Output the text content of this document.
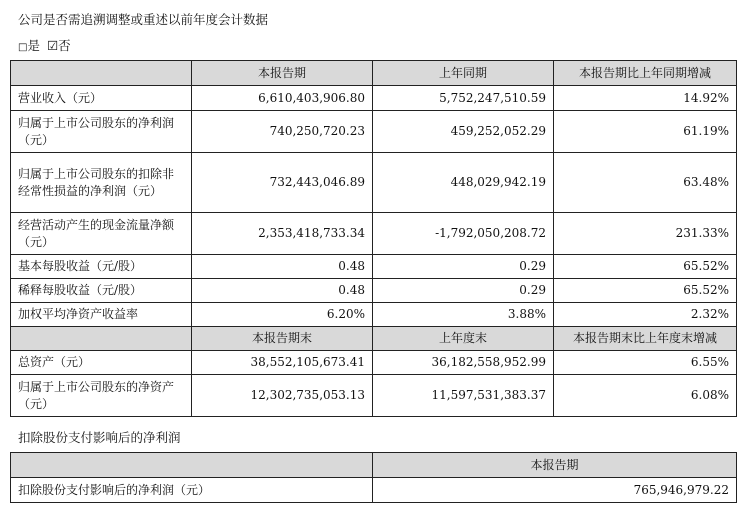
公司是否需追溯调整或重述以前年度会计数据
□是 ☑否
	本报告期	上年同期	本报告期比上年同期增减
营业收入（元）	6,610,403,906.80	5,752,247,510.59	14.92%
归属于上市公司股东的净利润（元）	740,250,720.23	459,252,052.29	61.19%
归属于上市公司股东的扣除非经常性损益的净利润（元）	732,443,046.89	448,029,942.19	63.48%
经营活动产生的现金流量净额（元）	2,353,418,733.34	-1,792,050,208.72	231.33%
基本每股收益（元/股）	0.48	0.29	65.52%
稀释每股收益（元/股）	0.48	0.29	65.52%
加权平均净资产收益率	6.20%	3.88%	2.32%
	本报告期末	上年度末	本报告期末比上年度末增减
总资产（元）	38,552,105,673.41	36,182,558,952.99	6.55%
归属于上市公司股东的净资产（元）	12,302,735,053.13	11,597,531,383.37	6.08%
扣除股份支付影响后的净利润
	本报告期
扣除股份支付影响后的净利润（元）	765,946,979.22
